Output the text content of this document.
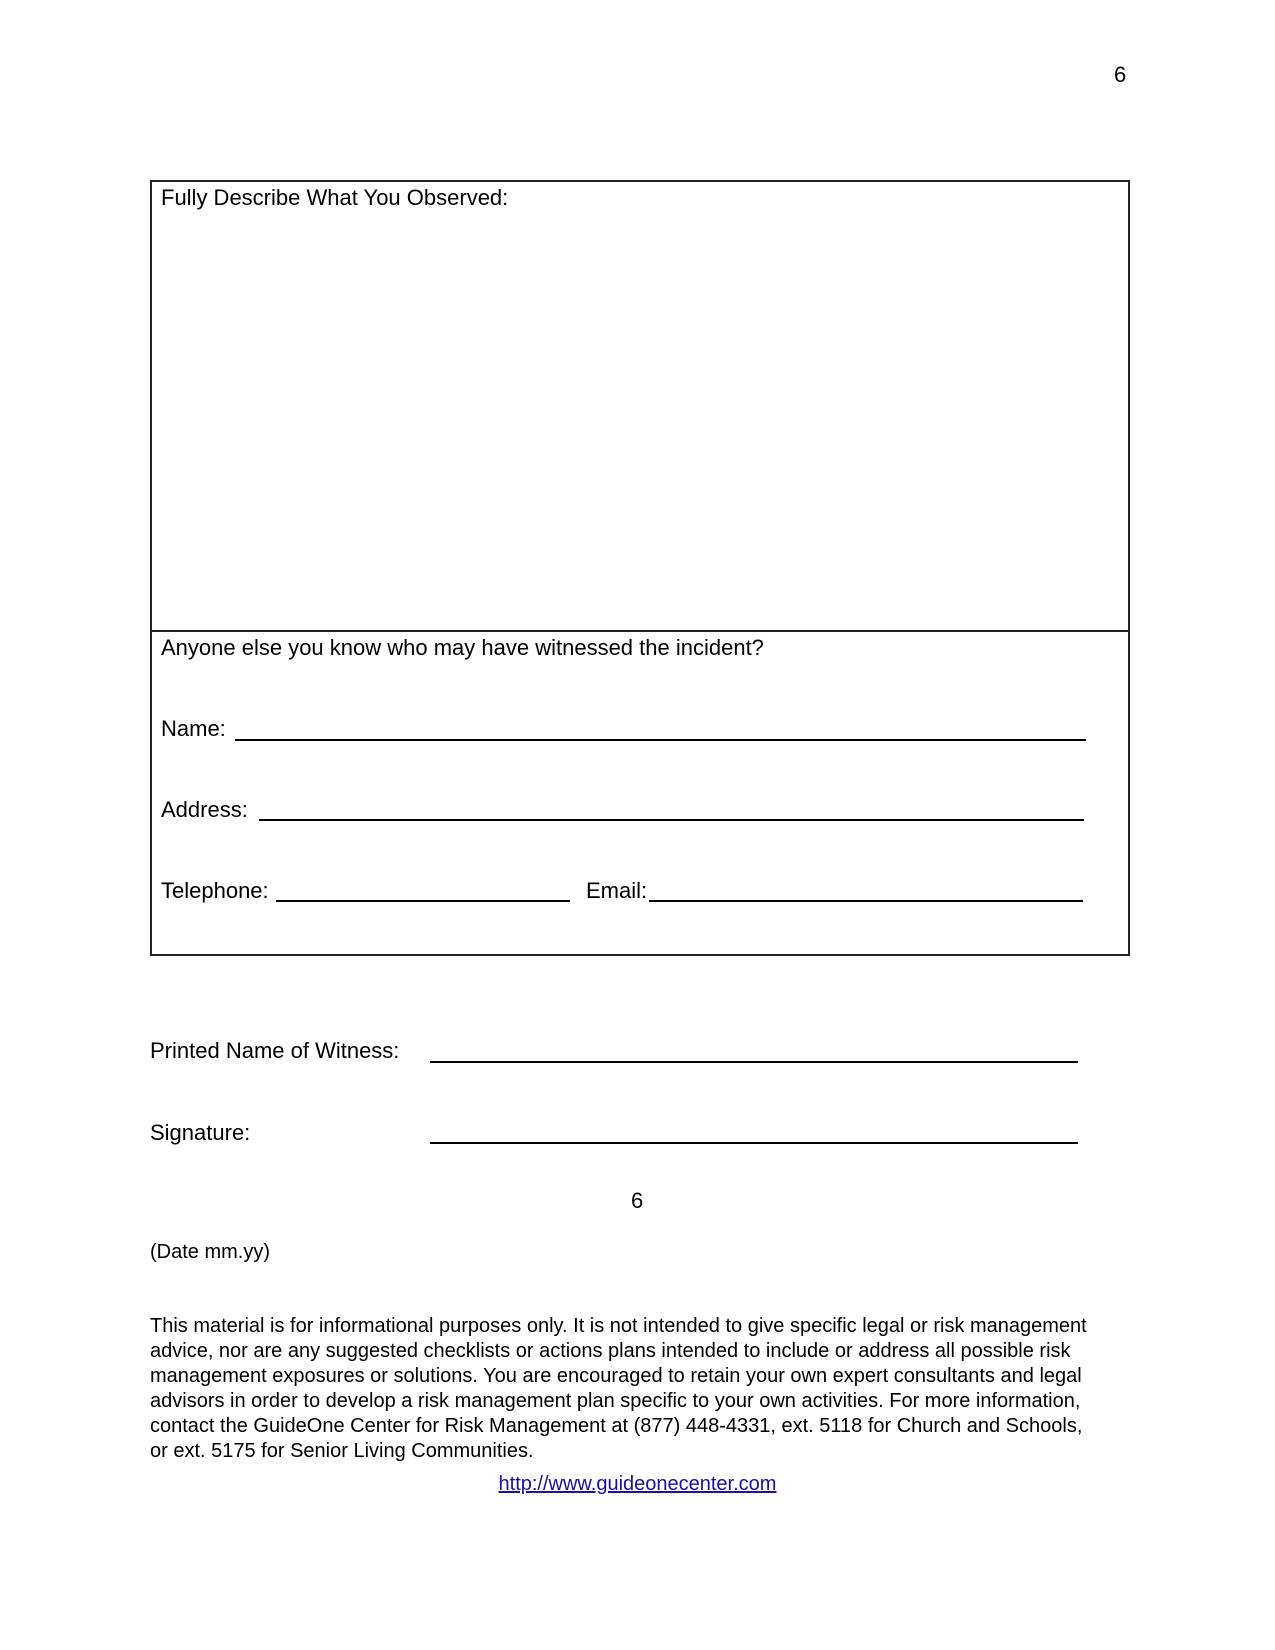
6
Fully Describe What You Observed:
Anyone else you know who may have witnessed the incident?
Name:
Address:
Telephone:	Email:
Printed Name of Witness:
Signature:
6
(Date mm.yy)
This material is for informational purposes only. It is not intended to give specific legal or risk management
advice, nor are any suggested checklists or actions plans intended to include or address all possible risk
management exposures or solutions. You are encouraged to retain your own expert consultants and legal
advisors in order to develop a risk management plan specific to your own activities. For more information,
contact the GuideOne Center for Risk Management at (877) 448-4331, ext. 5118 for Church and Schools,
or ext. 5175 for Senior Living Communities.
http://www.guideonecenter.com
